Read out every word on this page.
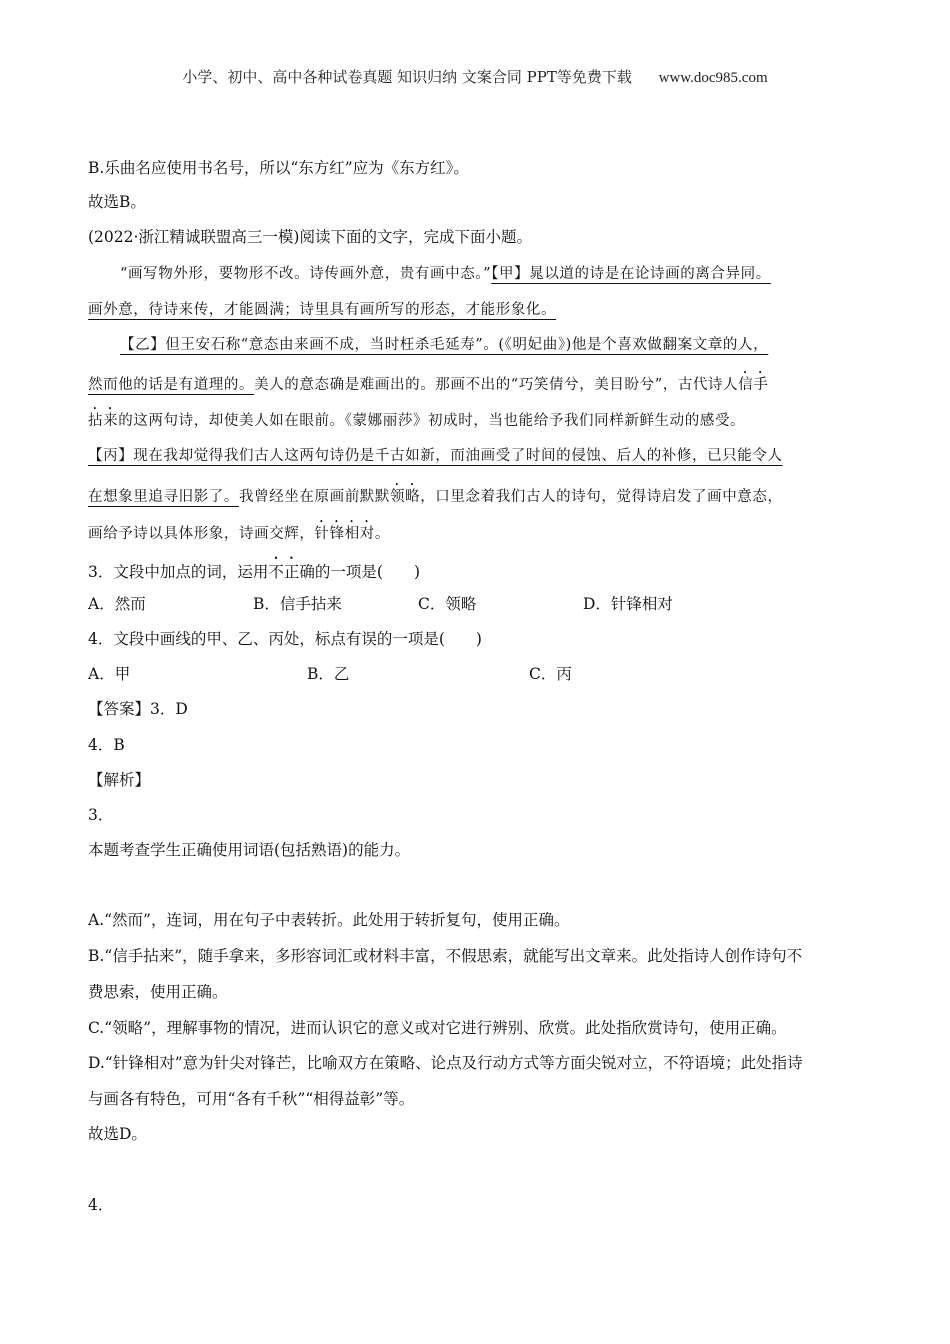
小学、初中、高中各种试卷真题 知识归纳 文案合同 PPT等免费下载 www.doc985.com
B.乐曲名应使用书名号，所以“东方红”应为《东方红》。
故选B。
(2022·浙江精诚联盟高三一模)阅读下面的文字，完成下面小题。
“画写物外形，要物形不改。诗传画外意，贵有画中态。”【甲】晁以道的诗是在论诗画的离合异同。
画外意，待诗来传，才能圆满；诗里具有画所写的形态，才能形象化。
【乙】但王安石称“意态由来画不成，当时枉杀毛延寿”。(《明妃曲》)他是个喜欢做翻案文章的人，
然而他的话是有道理的。美人的意态确是难画出的。那画不出的“巧笑倩兮，美目盼兮”，古代诗人信手
拈来的这两句诗，却使美人如在眼前。《蒙娜丽莎》初成时，当也能给予我们同样新鲜生动的感受。
【丙】现在我却觉得我们古人这两句诗仍是千古如新，而油画受了时间的侵蚀、后人的补修，已只能令人
在想象里追寻旧影了。我曾经坐在原画前默默领略，口里念着我们古人的诗句，觉得诗启发了画中意态，
画给予诗以具体形象，诗画交辉，针锋相对。
3．文段中加点的词，运用不正确的一项是(　　)
A．然而	B．信手拈来	C．领略	D．针锋相对
4．文段中画线的甲、乙、丙处，标点有误的一项是(　　)
A．甲	B．乙	C．丙
【答案】3．D
4．B
【解析】
3．
本题考查学生正确使用词语(包括熟语)的能力。
A.“然而”，连词，用在句子中表转折。此处用于转折复句，使用正确。
B.“信手拈来”，随手拿来，多形容词汇或材料丰富，不假思索，就能写出文章来。此处指诗人创作诗句不
费思索，使用正确。
C.“领略”，理解事物的情况，进而认识它的意义或对它进行辨别、欣赏。此处指欣赏诗句，使用正确。
D.“针锋相对”意为针尖对锋芒，比喻双方在策略、论点及行动方式等方面尖锐对立，不符语境；此处指诗
与画各有特色，可用“各有千秋”“相得益彰”等。
故选D。
4．
